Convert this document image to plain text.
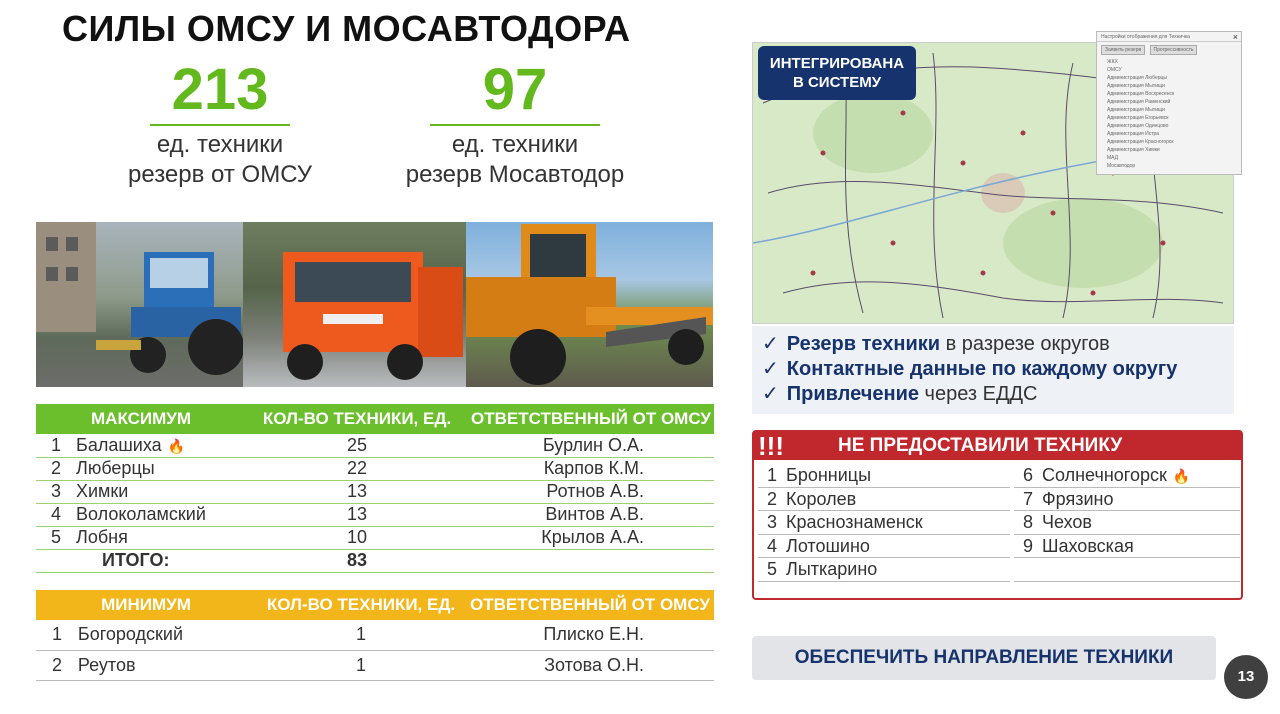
СИЛЫ ОМСУ И МОСАВТОДОРА
213
ед. техники
резерв от ОМСУ
97
ед. техники
резерв Мосавтодор
МАКСИМУМ		КОЛ-ВО ТЕХНИКИ, ЕД.	ОТВЕТСТВЕННЫЙ ОТ ОМСУ
1	Балашиха 🔥	25	Бурлин О.А.
2	Люберцы	22	Карпов К.М.
3	Химки	13	Ротнов А.В.
4	Волоколамский	13	Винтов А.В.
5	Лобня	10	Крылов А.А.
ИТОГО:		83	
МИНИМУМ		КОЛ-ВО ТЕХНИКИ, ЕД.	ОТВЕТСТВЕННЫЙ ОТ ОМСУ
1	Богородский	1	Плиско Е.Н.
2	Реутов	1	Зотова О.Н.
ИНТЕГРИРОВАНА
В СИСТЕМУ
Настройки отображения для Техничка	×
Заявить резерв Прогрессивность
ЖКХ
ОМСУ
Администрация Люберцы
Администрация Мытищи
Администрация Воскресенск
Администрация Раменский
Администрация Мытищи
Администрация Егорьевск
Администрация Одинцово
Администрация Истра
Администрация Красногорск
Администрация Химки
МАД
Мосавтодор
✓ Резерв техники в разрезе округов
✓ Контактные данные по каждому округу
✓ Привлечение через ЕДДС
!!!	НЕ ПРЕДОСТАВИЛИ ТЕХНИКУ
1 Бронницы
2 Королев
3 Краснознаменск
4 Лотошино
5 Лыткарино
6 Солнечногорск 🔥
7 Фрязино
8 Чехов
9 Шаховская
ОБЕСПЕЧИТЬ НАПРАВЛЕНИЕ ТЕХНИКИ
13
